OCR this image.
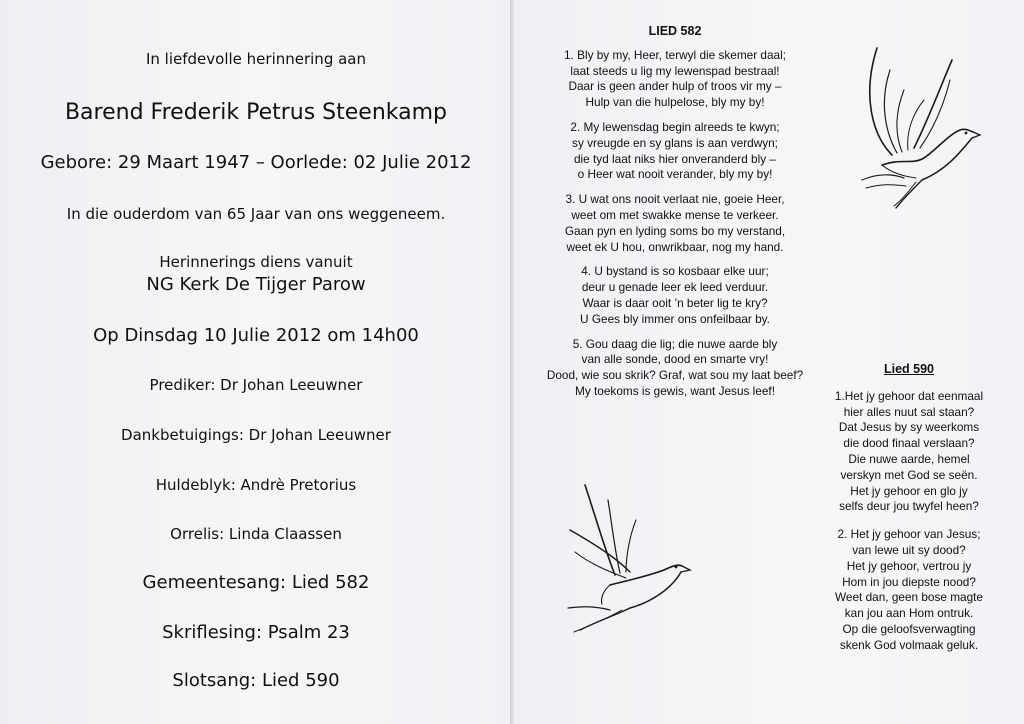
In liefdevolle herinnering aan
Barend Frederik Petrus Steenkamp
Gebore: 29 Maart 1947 – Oorlede: 02 Julie 2012
In die ouderdom van 65 Jaar van ons weggeneem.
Herinnerings diens vanuit
NG Kerk De Tijger Parow
Op Dinsdag 10 Julie 2012 om 14h00
Prediker: Dr Johan Leeuwner
Dankbetuigings: Dr Johan Leeuwner
Huldeblyk: Andrè Pretorius
Orrelis: Linda Claassen
Gemeentesang: Lied 582
Skriflesing: Psalm 23
Slotsang: Lied 590
LIED 582
1. Bly by my, Heer, terwyl die skemer daal;
laat steeds u lig my lewenspad bestraal!
Daar is geen ander hulp of troos vir my –
Hulp van die hulpelose, bly my by!
2. My lewensdag begin alreeds te kwyn;
sy vreugde en sy glans is aan verdwyn;
die tyd laat niks hier onveranderd bly –
o Heer wat nooit verander, bly my by!
3. U wat ons nooit verlaat nie, goeie Heer,
weet om met swakke mense te verkeer.
Gaan pyn en lyding soms bo my verstand,
weet ek U hou, onwrikbaar, nog my hand.
4. U bystand is so kosbaar elke uur;
deur u genade leer ek leed verduur.
Waar is daar ooit ’n beter lig te kry?
U Gees bly immer ons onfeilbaar by.
5. Gou daag die lig; die nuwe aarde bly
van alle sonde, dood en smarte vry!
Dood, wie sou skrik? Graf, wat sou my laat beef?
My toekoms is gewis, want Jesus leef!
Lied 590
1.Het jy gehoor dat eenmaal
hier alles nuut sal staan?
Dat Jesus by sy weerkoms
die dood finaal verslaan?
Die nuwe aarde, hemel
verskyn met God se seën.
Het jy gehoor en glo jy
selfs deur jou twyfel heen?
2. Het jy gehoor van Jesus;
van lewe uit sy dood?
Het jy gehoor, vertrou jy
Hom in jou diepste nood?
Weet dan, geen bose magte
kan jou aan Hom ontruk.
Op die geloofsverwagting
skenk God volmaak geluk.
